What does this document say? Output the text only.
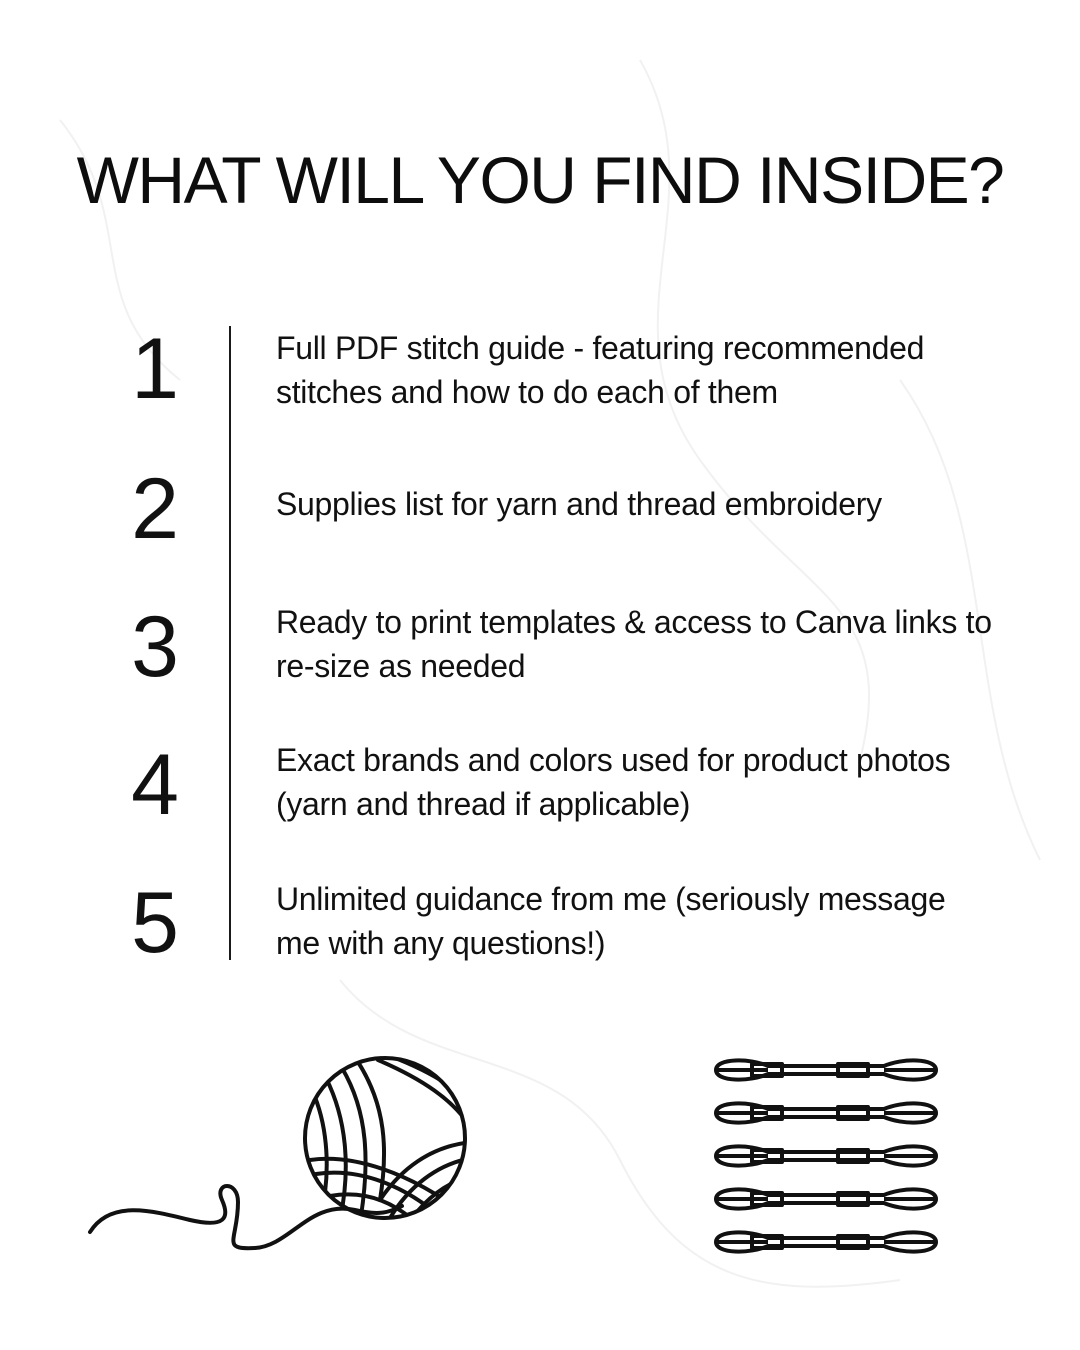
WHAT WILL YOU FIND INSIDE?
1	Full PDF stitch guide - featuring recommended stitches and how to do each of them
2	Supplies list for yarn and thread embroidery
3	Ready to print templates & access to Canva links to re-size as needed
4	Exact brands and colors used for product photos (yarn and thread if applicable)
5	Unlimited guidance from me (seriously message me with any questions!)
